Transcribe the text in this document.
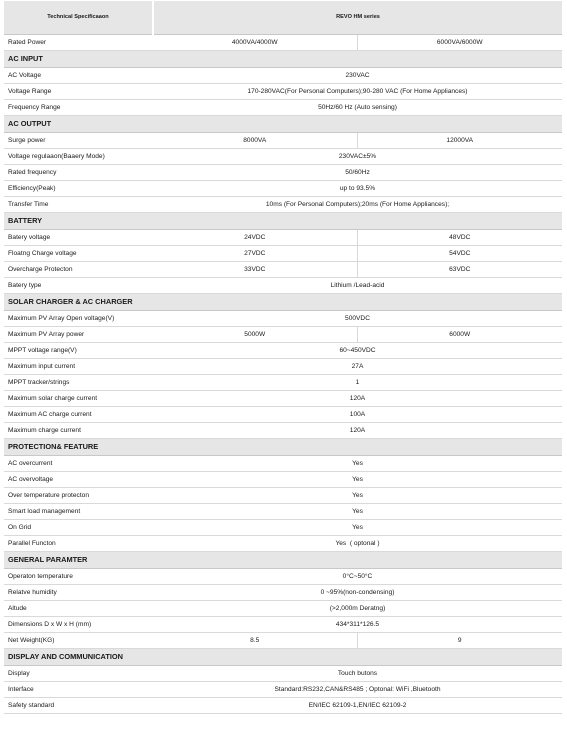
Technical Specificaaon	REVO HM series	
Rated Power	4000VA/4000W	6000VA/6000W
AC INPUT		
AC Voltage	230VAC	
Voltage Range	170-280VAC(For Personal Computers);90-280 VAC (For Home Appliances)	
Frequency Range	50Hz/60 Hz (Auto sensing)	
AC OUTPUT		
Surge power	8000VA	12000VA
Voltage regulaaon(Baaery Mode)	230VAC±5%	
Rated frequency	50/60Hz	
Efficiency(Peak)	up to 93.5%	
Transfer Time	10ms (For Personal Computers);20ms (For Home Appliances);	
BATTERY		
Batery voltage	24VDC	48VDC
Floatng Charge voltage	27VDC	54VDC
Overcharge Protecton	33VDC	63VDC
Batery type	Lithium /Lead-acid	
SOLAR CHARGER & AC CHARGER		
Maximum PV Array Open voltage(V)	500VDC	
Maximum PV Array power	5000W	6000W
MPPT voltage range(V)	60~450VDC	
Maximum input current	27A	
MPPT tracker/strings	1	
Maximum solar charge current	120A	
Maximum AC charge current	100A	
Maximum charge current	120A	
PROTECTION& FEATURE		
AC overcurrent	Yes	
AC overvoltage	Yes	
Over temperature protecton	Yes	
Smart load management	Yes	
On Grid	Yes	
Parallel Functon	Yes  ( optonal )	
GENERAL PARAMTER		
Operaton temperature	0°C~50°C	
Relatve humidity	0 ~95%(non-condensing)	
Altude	(>2,000m Deratng)	
Dimensions D x W x H (mm)	434*311*126.5	
Net Weight(KG)	8.5	9
DISPLAY AND COMMUNICATION		
Display	Touch butons	
Interface	Standard:RS232,CAN&RS485 ; Optonal: WiFi ,Bluetooth	
Safety standard	EN/IEC 62109-1,EN/IEC 62109-2	
